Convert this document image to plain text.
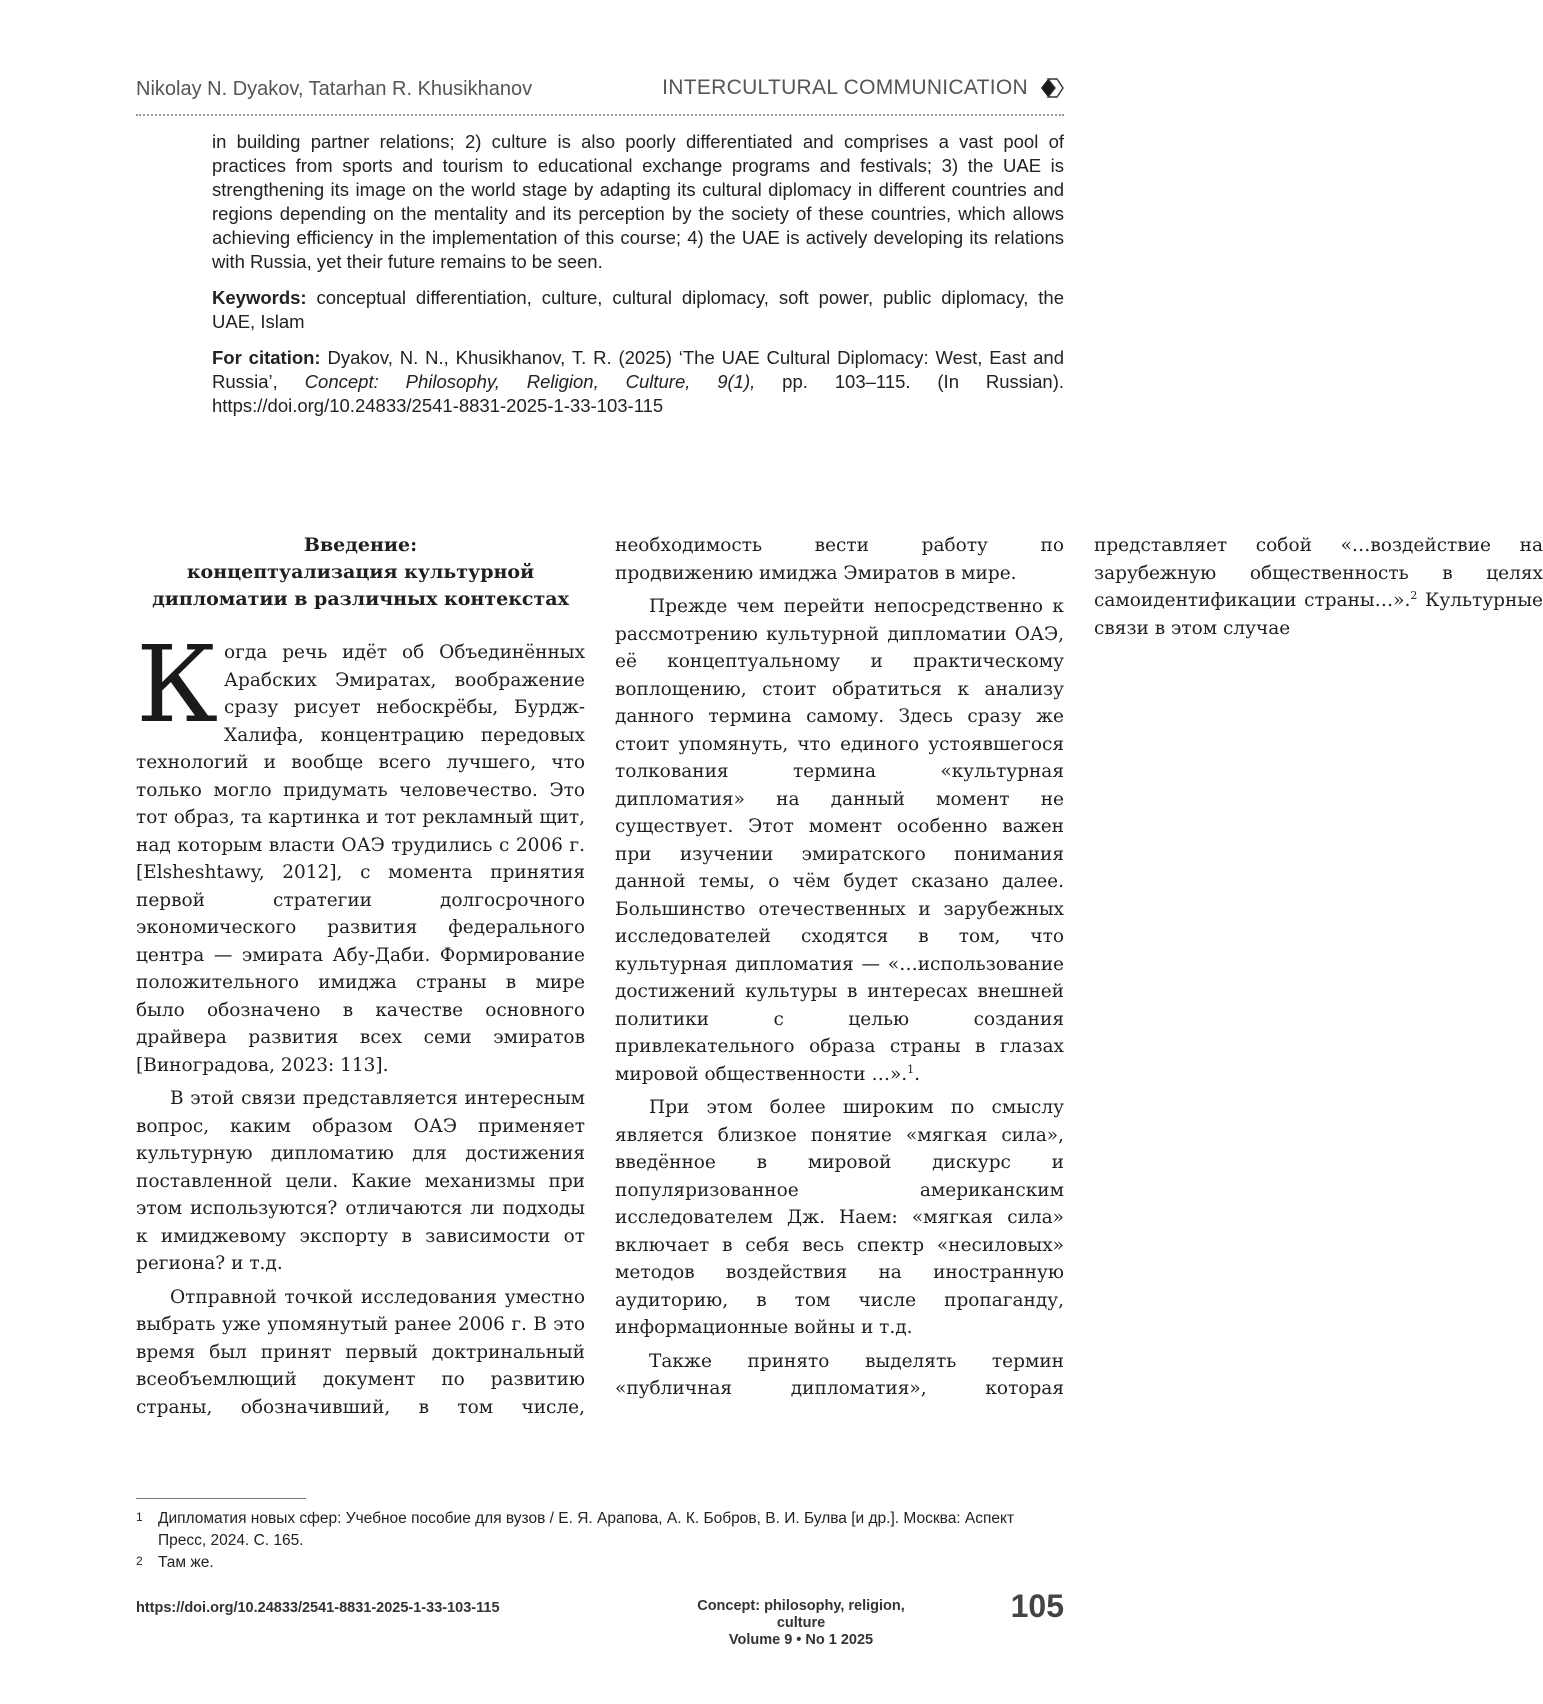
Nikolay N. Dyakov, Tatarhan R. Khusikhanov	INTERCULTURAL COMMUNICATION

in building partner relations; 2) culture is also poorly differentiated and comprises a vast pool of practices from sports and tourism to educational exchange programs and festivals; 3) the UAE is strengthening its image on the world stage by adapting its cultural diplomacy in different countries and regions depending on the mentality and its perception by the society of these countries, which allows achieving efficiency in the implementation of this course; 4) the UAE is actively developing its relations with Russia, yet their future remains to be seen.

Keywords: conceptual differentiation, culture, cultural diplomacy, soft power, public diplomacy, the UAE, Islam

For citation: Dyakov, N. N., Khusikhanov, T. R. (2025) ‘The UAE Cultural Diplomacy: West, East and Russia’, Concept: Philosophy, Religion, Culture, 9(1), pp. 103–115. (In Russian). https://doi.org/10.24833/2541-8831-2025-1-33-103-115

Введение:
концептуализация культурной
дипломатии в различных контекстах

Когда речь идёт об Объединённых Арабских Эмиратах, воображение сразу рисует небоскрёбы, Бурдж-Халифа, концентрацию передовых технологий и вообще всего лучшего, что только могло придумать человечество. Это тот образ, та картинка и тот рекламный щит, над которым власти ОАЭ трудились с 2006 г. [Elsheshtawy, 2012], с момента принятия первой стратегии долгосрочного экономического развития федерального центра — эмирата Абу-Даби. Формирование положительного имиджа страны в мире было обозначено в качестве основного драйвера развития всех семи эмиратов [Виноградова, 2023: 113].

В этой связи представляется интересным вопрос, каким образом ОАЭ применяет культурную дипломатию для достижения поставленной цели. Какие механизмы при этом используются? отличаются ли подходы к имиджевому экспорту в зависимости от региона? и т.д.

Отправной точкой исследования уместно выбрать уже упомянутый ранее 2006 г. В это время был принят первый доктринальный всеобъемлющий документ по развитию страны, обозначивший, в том числе, необходимость вести работу по продвижению имиджа Эмиратов в мире.

Прежде чем перейти непосредственно к рассмотрению культурной дипломатии ОАЭ, её концептуальному и практическому воплощению, стоит обратиться к анализу данного термина самому. Здесь сразу же стоит упомянуть, что единого устоявшегося толкования термина «культурная дипломатия» на данный момент не существует. Этот момент особенно важен при изучении эмиратского понимания данной темы, о чём будет сказано далее. Большинство отечественных и зарубежных исследователей сходятся в том, что культурная дипломатия — «…использование достижений культуры в интересах внешней политики с целью создания привлекательного образа страны в глазах мировой общественности …».$^1$.

При этом более широким по смыслу является близкое понятие «мягкая сила», введённое в мировой дискурс и популяризованное американским исследователем Дж. Наем: «мягкая сила» включает в себя весь спектр «несиловых» методов воздействия на иностранную аудиторию, в том числе пропаганду, информационные войны и т.д.

Также принято выделять термин «публичная дипломатия», которая представляет собой «…воздействие на зарубежную общественность в целях самоидентификации страны…».$^2$ Культурные связи в этом случае

1 Дипломатия новых сфер: Учебное пособие для вузов / Е. Я. Арапова, А. К. Бобров, В. И. Булва [и др.]. Москва: Аспект Пресс, 2024. С. 165.
2 Там же.
https://doi.org/10.24833/2541-8831-2025-1-33-103-115	Concept: philosophy, religion, culture
Volume 9 • No 1 2025
105
